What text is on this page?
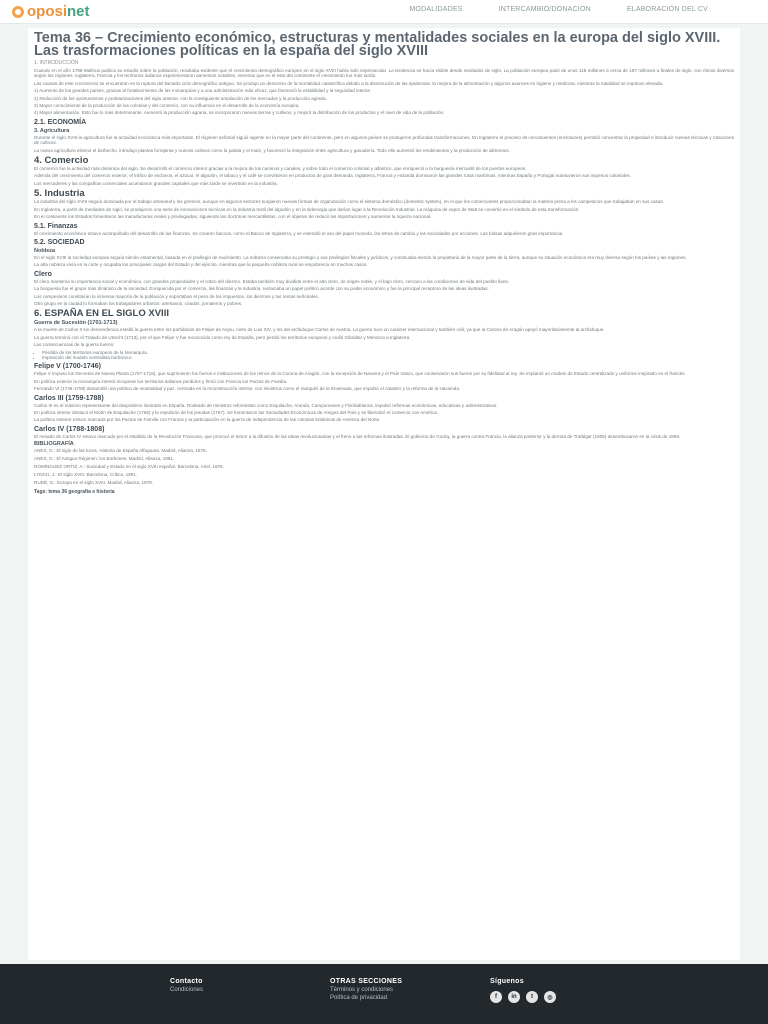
oposi net	MODALIDADES	INTERCAMBIO/DONACIÓN	ELABORACIÓN DEL CV
Tema 36 – Crecimiento económico, estructuras y mentalidades sociales en la europa del siglo XVIII. Las trasformaciones políticas en la españa del siglo XVIII
1. INTRODUCCIÓN

Cuando en el año 1798 Malthus publica su estudio sobre la población, resultaba evidente que el crecimiento demográfico europeo en el siglo XVIII había sido espectacular. La tendencia se hacía visible desde mediados de siglo. La población europea pasó de unos 118 millones a cerca de 187 millones a finales de siglo, con ritmos diversos según las regiones. Inglaterra, Francia y los territorios italianos experimentaron aumentos notables, mientras que en el este del continente el crecimiento fue más tardío.

Las causas de este crecimiento se encuentran en la ruptura del llamado ciclo demográfico antiguo. Se produjo un descenso de la mortalidad catastrófica debido a la disminución de las epidemias, la mejora de la alimentación y algunos avances en higiene y medicina, mientras la natalidad se mantuvo elevada.

1) Aumento de los grandes países, gracias al fortalecimiento de las monarquías y a una administración más eficaz, que favoreció la estabilidad y la seguridad interior.

2) Reducción de los oportunismos y proletarizaciones del siglo anterior, con la consiguiente ampliación de los mercados y la producción agraria.

3) Mayor conocimiento de la producción de las colonias y del comercio, con su influencia en el desarrollo de la economía europea.

4) Mayor alimentación. Esto fue lo más determinante. Aumentó la producción agraria, se incorporaron nuevas tierras y cultivos, y mejoró la distribución de los productos y el nivel de vida de la población.

2.1. ECONOMÍA
3. Agricultura

Durante el siglo XVIII la agricultura fue la actividad económica más importante. El régimen señorial siguió vigente en la mayor parte del continente, pero en algunos países se produjeron profundas transformaciones. En Inglaterra el proceso de cercamientos (enclosures) permitió concentrar la propiedad e introducir nuevas técnicas y rotaciones de cultivos.

La nueva agricultura eliminó el barbecho, introdujo plantas forrajeras y nuevos cultivos como la patata y el maíz, y favoreció la integración entre agricultura y ganadería. Todo ello aumentó los rendimientos y la producción de alimentos.

4. Comercio

El comercio fue la actividad más dinámica del siglo. Se desarrolló el comercio interior gracias a la mejora de los caminos y canales, y sobre todo el comercio colonial y atlántico, que enriqueció a la burguesía mercantil de los puertos europeos.

Además del crecimiento del comercio exterior, el tráfico de esclavos, el azúcar, el algodón, el tabaco y el café se convirtieron en productos de gran demanda. Inglaterra, Francia y Holanda dominaron las grandes rutas marítimas, mientras España y Portugal mantuvieron sus imperios coloniales.

Los mercaderes y las compañías comerciales acumularon grandes capitales que más tarde se invertirán en la industria.

5. Industria

La industria del siglo XVIII seguía dominada por el trabajo artesanal y los gremios, aunque en algunos sectores surgieron nuevas formas de organización como el sistema doméstico (domestic system), en el que los comerciantes proporcionaban la materia prima a los campesinos que trabajaban en sus casas.

En Inglaterra, a partir de mediados de siglo, se produjeron una serie de innovaciones técnicas en la industria textil del algodón y en la siderurgia que darían lugar a la Revolución Industrial. La máquina de vapor de Watt se convirtió en el símbolo de esta transformación.

En el continente los Estados fomentaron las manufacturas reales y privilegiadas, siguiendo las doctrinas mercantilistas, con el objetivo de reducir las importaciones y aumentar la riqueza nacional.

5.1. Finanzas

El crecimiento económico estuvo acompañado del desarrollo de las finanzas. Se crearon bancos, como el Banco de Inglaterra, y se extendió el uso del papel moneda, las letras de cambio y las sociedades por acciones. Las bolsas adquirieron gran importancia.

5.2. SOCIEDAD
Nobleza

En el siglo XVIII la sociedad europea seguía siendo estamental, basada en el privilegio de nacimiento. La nobleza conservaba su prestigio y sus privilegios fiscales y jurídicos, y continuaba siendo la propietaria de la mayor parte de la tierra, aunque su situación económica era muy diversa según los países y las regiones.

La alta nobleza vivía en la corte y ocupaba los principales cargos del Estado y del ejército, mientras que la pequeña nobleza rural se empobrecía en muchos casos.

Clero

El clero mantenía su importancia social y económica, con grandes propiedades y el cobro del diezmo. Estaba también muy dividido entre el alto clero, de origen noble, y el bajo clero, cercano a las condiciones de vida del pueblo llano.

La burguesía fue el grupo más dinámico de la sociedad. Enriquecida por el comercio, las finanzas y la industria, reclamaba un papel político acorde con su poder económico y fue la principal receptora de las ideas ilustradas.

Los campesinos constituían la inmensa mayoría de la población y soportaban el peso de los impuestos, los diezmos y las rentas señoriales.

Otro grupo en la ciudad lo formaban los trabajadores urbanos: artesanos, criados, jornaleros y pobres.

6. ESPAÑA EN EL SIGLO XVIII
Guerra de Sucesión (1701-1713)

A la muerte de Carlos II sin descendencia estalló la guerra entre los partidarios de Felipe de Anjou, nieto de Luis XIV, y los del archiduque Carlos de Austria. La guerra tuvo un carácter internacional y también civil, ya que la Corona de Aragón apoyó mayoritariamente al archiduque.

La guerra terminó con el Tratado de Utrecht (1713), por el que Felipe V fue reconocido como rey de España, pero perdió los territorios europeos y cedió Gibraltar y Menorca a Inglaterra.

Las consecuencias de la guerra fueron:

• Pérdida de los territorios europeos de la Monarquía.
• Imposición del modelo centralista borbónico.
Felipe V (1700-1746)

Felipe V impuso los Decretos de Nueva Planta (1707-1716), que suprimieron los fueros e instituciones de los reinos de la Corona de Aragón, con la excepción de Navarra y el País Vasco, que conservaron sus fueros por su fidelidad al rey. Se implantó un modelo de Estado centralizado y uniforme inspirado en el francés.

En política exterior la monarquía intentó recuperar los territorios italianos perdidos y firmó con Francia los Pactos de Familia.

Fernando VI (1746-1759) desarrolló una política de neutralidad y paz, centrada en la reconstrucción interior, con ministros como el marqués de la Ensenada, que impulsó el catastro y la reforma de la Hacienda.

Carlos III (1759-1788)

Carlos III es el máximo representante del despotismo ilustrado en España. Rodeado de ministros reformistas como Esquilache, Aranda, Campomanes y Floridablanca, impulsó reformas económicas, educativas y administrativas.

En política interior destacó el Motín de Esquilache (1766) y la expulsión de los jesuitas (1767). Se fomentaron las Sociedades Económicas de Amigos del País y se liberalizó el comercio con América.

La política exterior estuvo marcada por los Pactos de Familia con Francia y la participación en la guerra de independencia de las colonias británicas de América del Norte.

Carlos IV (1788-1808)

El reinado de Carlos IV estuvo marcado por el estallido de la Revolución Francesa, que provocó el temor a la difusión de las ideas revolucionarias y el freno a las reformas ilustradas. El gobierno de Godoy, la guerra contra Francia, la alianza posterior y la derrota de Trafalgar (1805) desembocaron en la crisis de 1808.

BIBLIOGRAFÍA
ANES, G.: El siglo de las luces. Historia de España Alfaguara. Madrid, Alianza, 1975.
ANES, G.: El Antiguo Régimen: los Borbones. Madrid, Alianza, 1981.
DOMÍNGUEZ ORTIZ, A.: Sociedad y Estado en el siglo XVIII español. Barcelona, Ariel, 1976.
LYNCH, J.: El siglo XVIII. Barcelona, Crítica, 1991.
RUDÉ, G.: Europa en el siglo XVIII. Madrid, Alianza, 1978.
Tags: tema 36 geografía e historia
Contacto
Condiciones
OTRAS SECCIONES
Términos y condiciones
Política de privacidad
Síguenos
f	in	t	◎
